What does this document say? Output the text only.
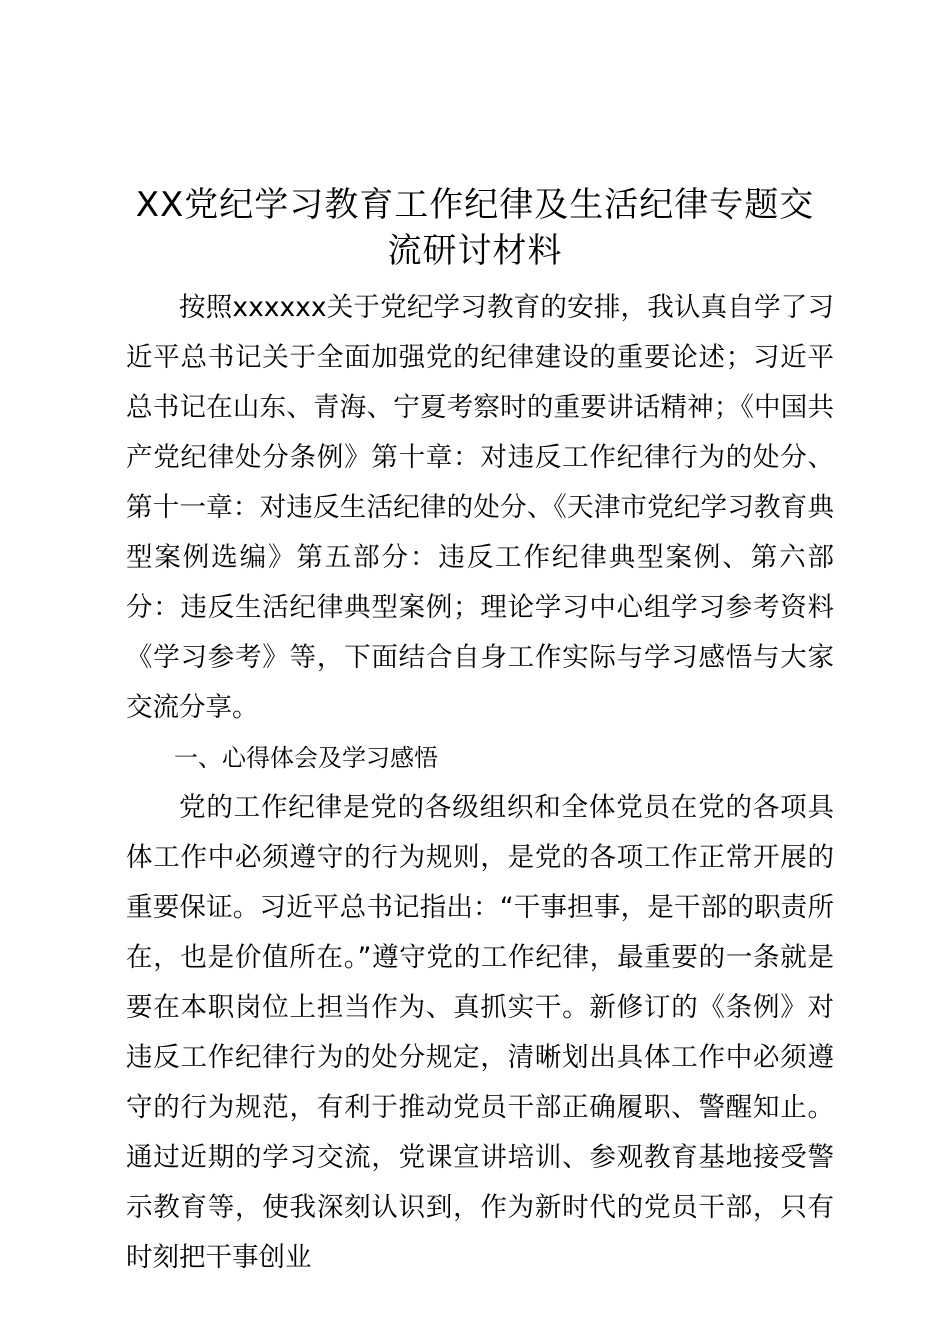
XX党纪学习教育工作纪律及生活纪律专题交流研讨材料

按照xxxxxx关于党纪学习教育的安排，我认真自学了习近平总书记关于全面加强党的纪律建设的重要论述；习近平总书记在山东、青海、宁夏考察时的重要讲话精神；《中国共产党纪律处分条例》第十章：对违反工作纪律行为的处分、第十一章：对违反生活纪律的处分、《天津市党纪学习教育典型案例选编》第五部分：违反工作纪律典型案例、第六部分：违反生活纪律典型案例；理论学习中心组学习参考资料《学习参考》等，下面结合自身工作实际与学习感悟与大家交流分享。

一、心得体会及学习感悟

党的工作纪律是党的各级组织和全体党员在党的各项具体工作中必须遵守的行为规则，是党的各项工作正常开展的重要保证。习近平总书记指出：“干事担事，是干部的职责所在，也是价值所在。”遵守党的工作纪律，最重要的一条就是要在本职岗位上担当作为、真抓实干。新修订的《条例》对违反工作纪律行为的处分规定，清晰划出具体工作中必须遵守的行为规范，有利于推动党员干部正确履职、警醒知止。通过近期的学习交流，党课宣讲培训、参观教育基地接受警示教育等，使我深刻认识到，作为新时代的党员干部，只有时刻把干事创业
